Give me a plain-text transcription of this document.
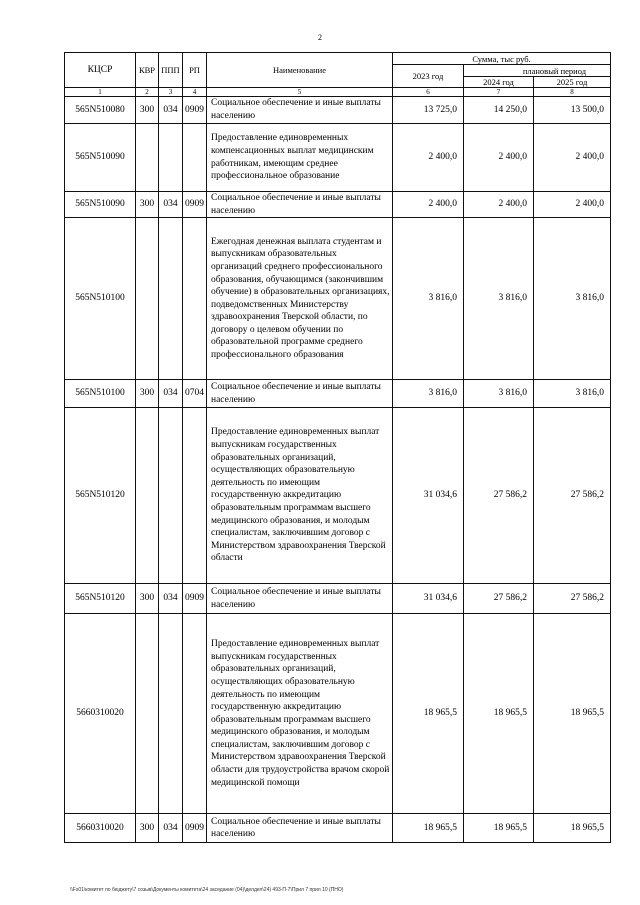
2
КЦСР	КВР	ППП	РП	Наименование	Сумма, тыс руб.		
					2023 год	плановый период	
						2024 год	2025 год
1	2	3	4	5	6	7	8
565N510080	300	034	0909	Социальное обеспечение и иные выплаты населению	13 725,0	14 250,0	13 500,0
565N510090				Предоставление единовременных компенсационных выплат медицинским работникам, имеющим среднее профессиональное образование	2 400,0	2 400,0	2 400,0
565N510090	300	034	0909	Социальное обеспечение и иные выплаты населению	2 400,0	2 400,0	2 400,0
565N510100				Ежегодная денежная выплата студентам и выпускникам образовательных организаций среднего профессионального образования, обучающимся (закончившим обучение) в образовательных организациях, подведомственных Министерству здравоохранения Тверской области, по договору о целевом обучении по образовательной программе среднего профессионального образования	3 816,0	3 816,0	3 816,0
565N510100	300	034	0704	Социальное обеспечение и иные выплаты населению	3 816,0	3 816,0	3 816,0
565N510120				Предоставление единовременных выплат выпускникам государственных образовательных организаций, осуществляющих образовательную деятельность по имеющим государственную аккредитацию образовательным программам высшего медицинского образования, и молодым специалистам, заключившим договор с Министерством здравоохранения Тверской области	31 034,6	27 586,2	27 586,2
565N510120	300	034	0909	Социальное обеспечение и иные выплаты населению	31 034,6	27 586,2	27 586,2
5660310020				Предоставление единовременных выплат выпускникам государственных образовательных организаций, осуществляющих образовательную деятельность по имеющим государственную аккредитацию образовательным программам высшего медицинского образования, и молодым специалистам, заключившим договор с Министерством здравоохранения Тверской области для трудоустройства врачом скорой медицинской помощи	18 965,5	18 965,5	18 965,5
5660310020	300	034	0909	Социальное обеспечение и иные выплаты населению	18 965,5	18 965,5	18 965,5
\\Fs01\комитет по бюджету\7 созыв\Документы комитета\24 заседание (04)\делдел\24) 493-П-7\Прил 7 прил 10 (ПНО)
